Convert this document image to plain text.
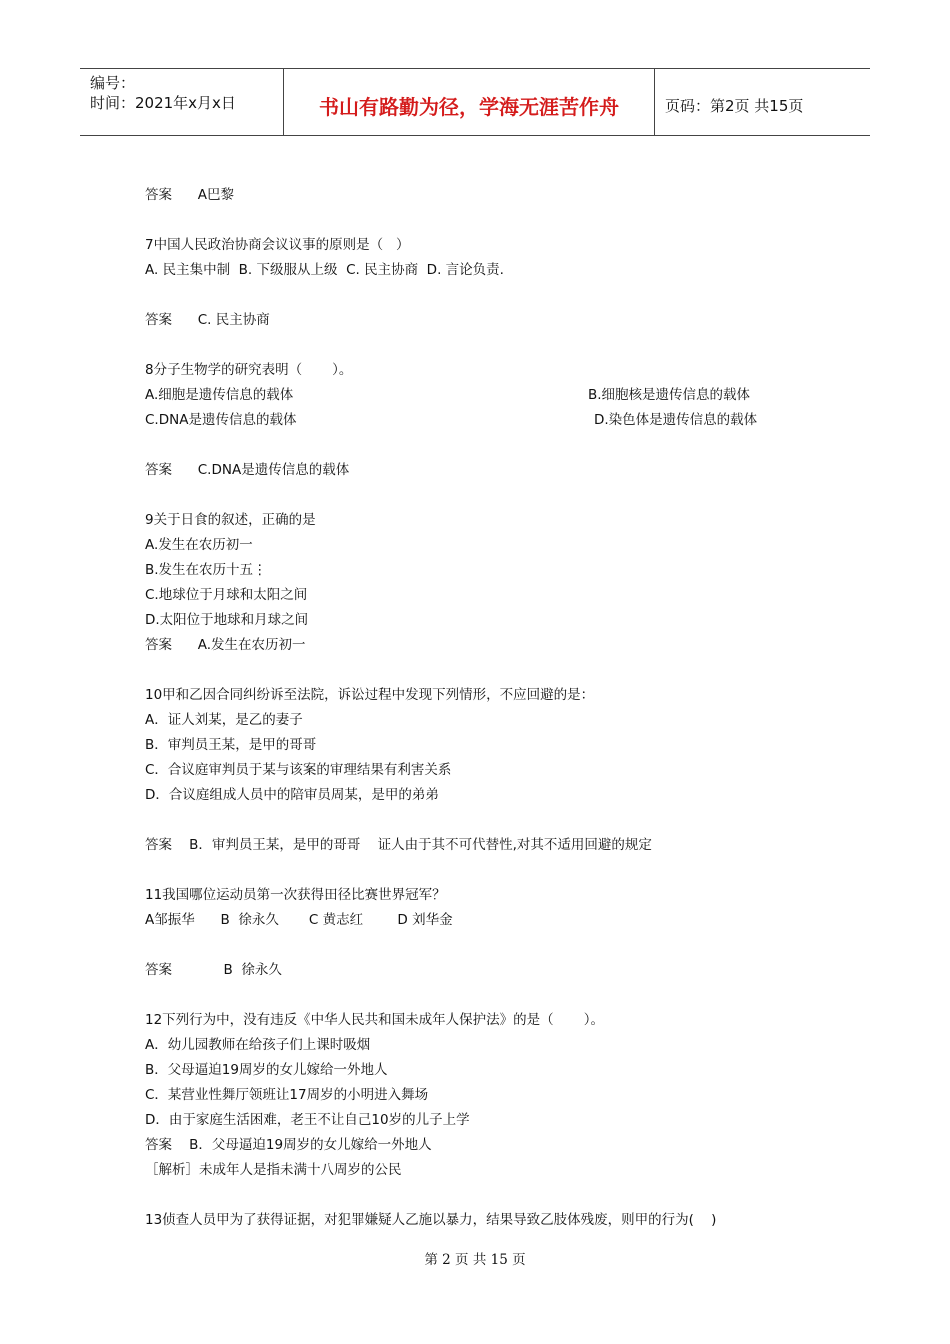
编号：
时间：2021年x月x日	书山有路勤为径，学海无涯苦作舟	页码：第2页 共15页
答案      A巴黎
7中国人民政治协商会议议事的原则是（   ）
A. 民主集中制  B. 下级服从上级  C. 民主协商  D. 言论负责.
答案      C. 民主协商
8分子生物学的研究表明（       ）。
A.细胞是遗传信息的载体	B.细胞核是遗传信息的载体
C.DNA是遗传信息的载体	D.染色体是遗传信息的载体
答案      C.DNA是遗传信息的载体
9关于日食的叙述，正确的是
A.发生在农历初一
B.发生在农历十五⋮
C.地球位于月球和太阳之间
D.太阳位于地球和月球之间
答案      A.发生在农历初一
10甲和乙因合同纠纷诉至法院，诉讼过程中发现下列情形，不应回避的是：
A．证人刘某，是乙的妻子
B．审判员王某，是甲的哥哥
C．合议庭审判员于某与该案的审理结果有利害关系
D．合议庭组成人员中的陪审员周某，是甲的弟弟
答案    B．审判员王某，是甲的哥哥    证人由于其不可代替性,对其不适用回避的规定
11我国哪位运动员第一次获得田径比赛世界冠军？
A邹振华      B  徐永久       C 黄志红        D 刘华金
答案            B  徐永久
12下列行为中，没有违反《中华人民共和国未成年人保护法》的是（       ）。
A．幼儿园教师在给孩子们上课时吸烟
B．父母逼迫19周岁的女儿嫁给一外地人
C．某营业性舞厅领班让17周岁的小明进入舞场
D．由于家庭生活困难，老王不让自己10岁的儿子上学
答案    B．父母逼迫19周岁的女儿嫁给一外地人
［解析］未成年人是指未满十八周岁的公民
13侦查人员甲为了获得证据，对犯罪嫌疑人乙施以暴力，结果导致乙肢体残废，则甲的行为(    )
第 2 页 共 15 页
